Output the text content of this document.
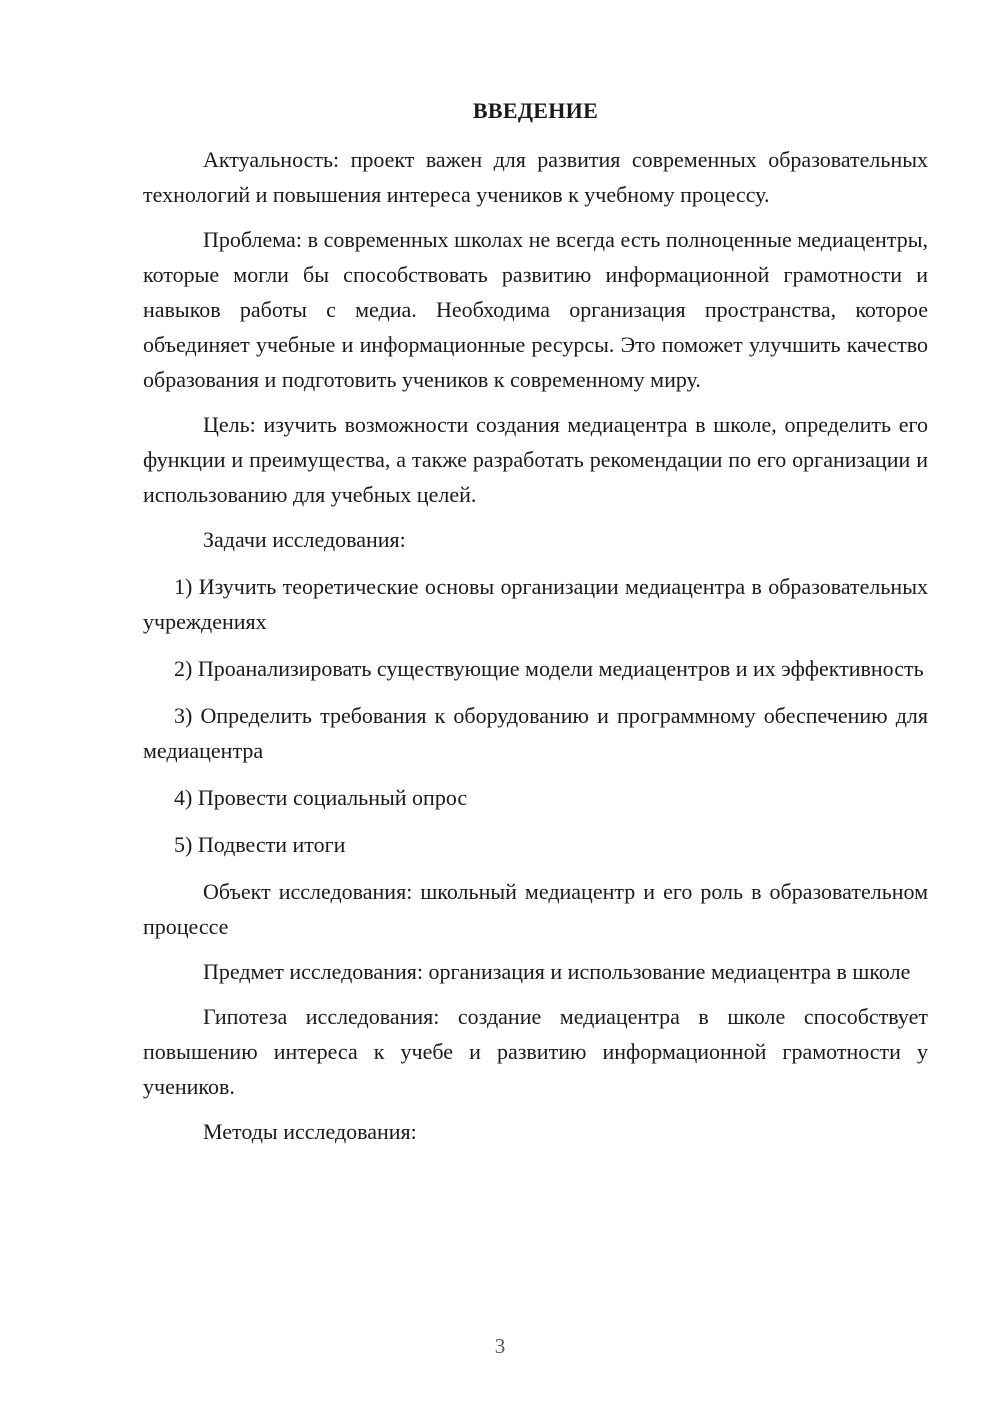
ВВЕДЕНИЕ

Актуальность: проект важен для развития современных образовательных технологий и повышения интереса учеников к учебному процессу.

Проблема: в современных школах не всегда есть полноценные медиацентры, которые могли бы способствовать развитию информационной грамотности и навыков работы с медиа. Необходима организация пространства, которое объединяет учебные и информационные ресурсы. Это поможет улучшить качество образования и подготовить учеников к современному миру.

Цель: изучить возможности создания медиацентра в школе, определить его функции и преимущества, а также разработать рекомендации по его организации и использованию для учебных целей.

Задачи исследования:

1) Изучить теоретические основы организации медиацентра в образовательных учреждениях

2) Проанализировать существующие модели медиацентров и их эффективность

3) Определить требования к оборудованию и программному обеспечению для медиацентра

4) Провести социальный опрос

5) Подвести итоги

Объект исследования: школьный медиацентр и его роль в образовательном процессе

Предмет исследования: организация и использование медиацентра в школе

Гипотеза исследования: создание медиацентра в школе способствует повышению интереса к учебе и развитию информационной грамотности у учеников.

Методы исследования:

3
